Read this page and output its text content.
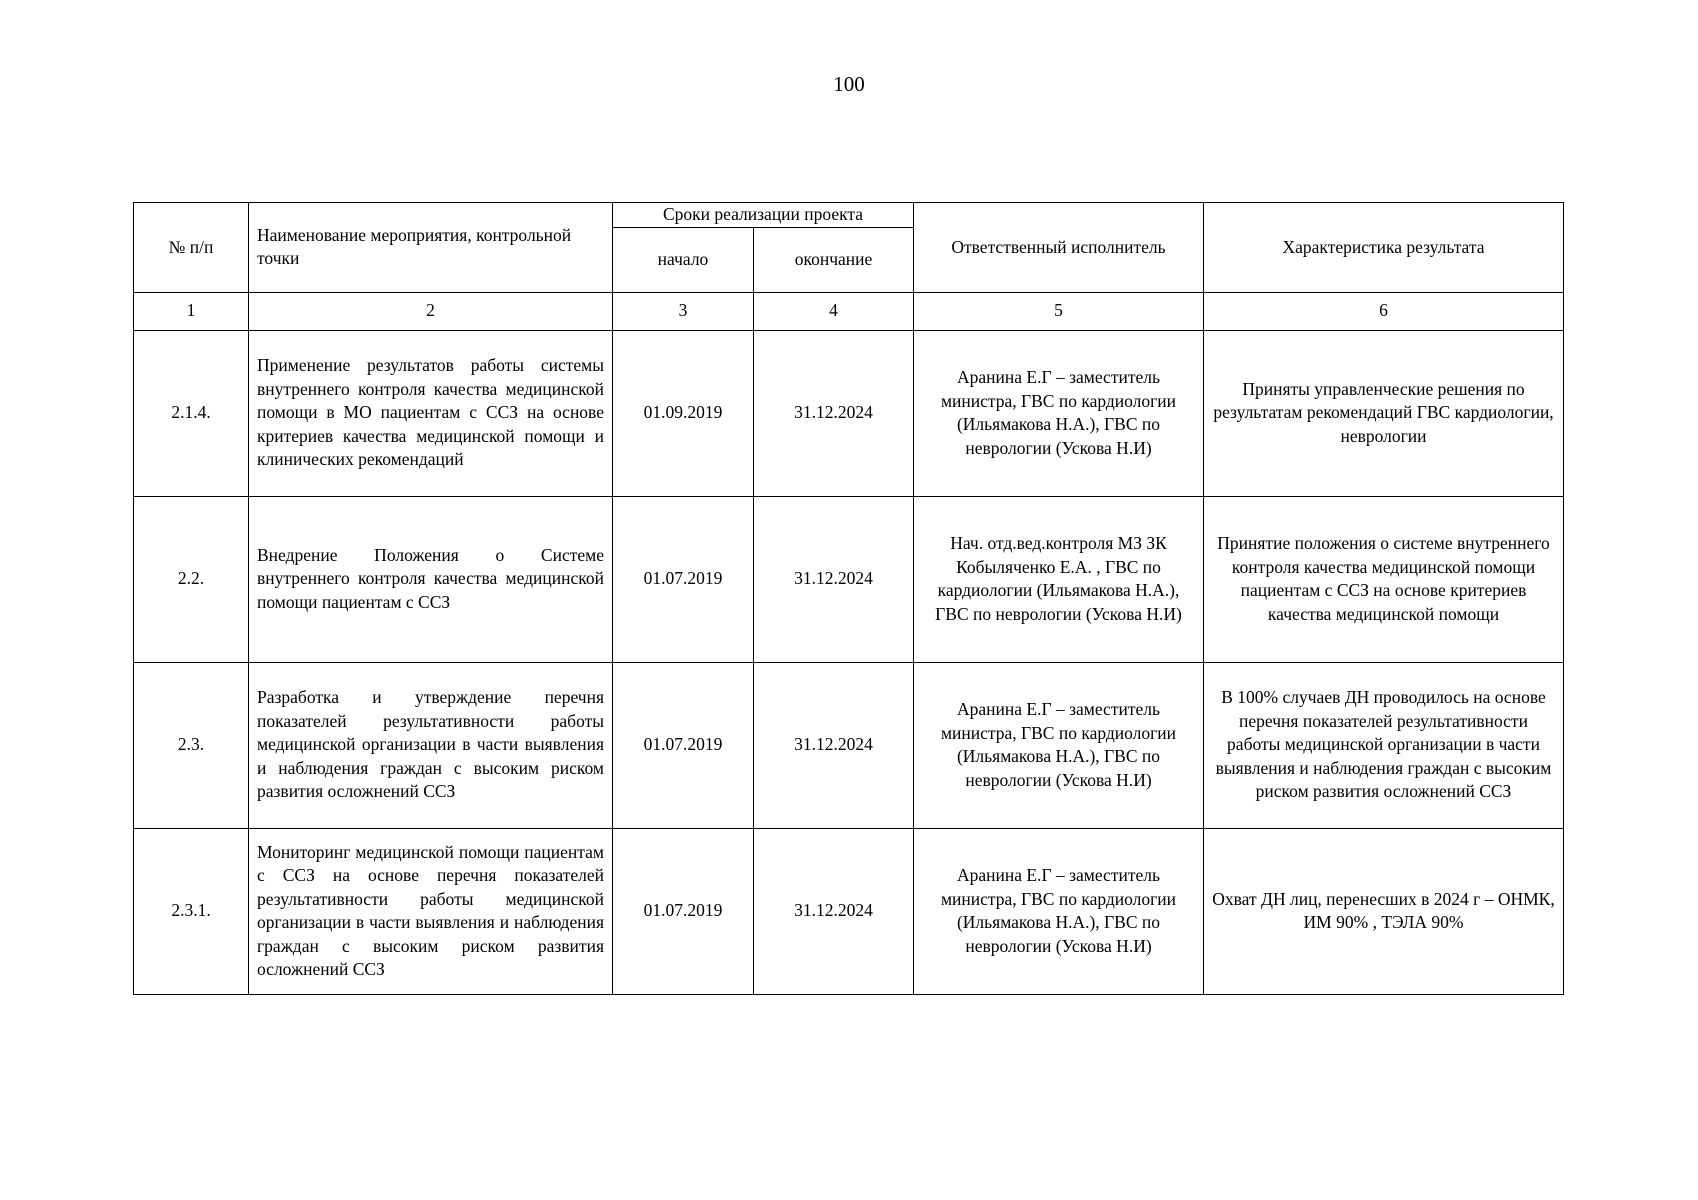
100
№ п/п	Наименование мероприятия, контрольной точки	Сроки реализации проекта		Ответственный исполнитель	Характеристика результата
		начало	окончание		
1	2	3	4	5	6
2.1.4.	Применение результатов работы системы внутреннего контроля качества медицинской помощи в МО пациентам с ССЗ на основе критериев качества медицинской помощи и клинических рекомендаций	01.09.2019	31.12.2024	Аранина Е.Г – заместитель министра, ГВС по кардиологии (Ильямакова Н.А.), ГВС по неврологии (Ускова Н.И)	Приняты управленческие решения по результатам рекомендаций ГВС кардиологии, неврологии
2.2.	Внедрение Положения о Системе внутреннего контроля качества медицинской помощи пациентам с ССЗ	01.07.2019	31.12.2024	Нач. отд.вед.контроля МЗ ЗК Кобыляченко Е.А. , ГВС по кардиологии (Ильямакова Н.А.), ГВС по неврологии (Ускова Н.И)	Принятие положения о системе внутреннего контроля качества медицинской помощи пациентам с ССЗ на основе критериев качества медицинской помощи
2.3.	Разработка и утверждение перечня показателей результативности работы медицинской организации в части выявления и наблюдения граждан с высоким риском развития осложнений ССЗ	01.07.2019	31.12.2024	Аранина Е.Г – заместитель министра, ГВС по кардиологии (Ильямакова Н.А.), ГВС по неврологии (Ускова Н.И)	В 100% случаев ДН проводилось на основе перечня показателей результативности работы медицинской организации в части выявления и наблюдения граждан с высоким риском развития осложнений ССЗ
2.3.1.	Мониторинг медицинской помощи пациентам с ССЗ на основе перечня показателей результативности работы медицинской организации в части выявления и наблюдения граждан с высоким риском развития осложнений ССЗ	01.07.2019	31.12.2024	Аранина Е.Г – заместитель министра, ГВС по кардиологии (Ильямакова Н.А.), ГВС по неврологии (Ускова Н.И)	Охват ДН лиц, перенесших в 2024 г – ОНМК, ИМ 90% , ТЭЛА 90%
